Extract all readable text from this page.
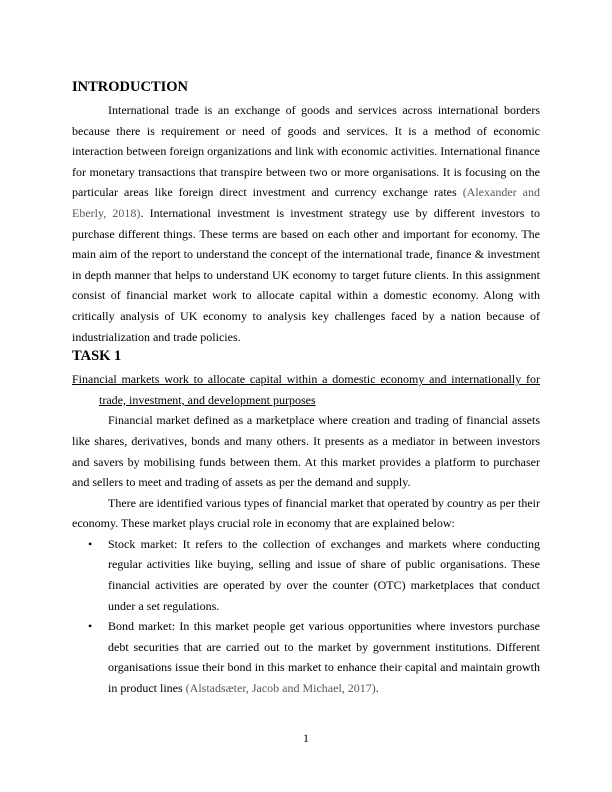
INTRODUCTION

International trade is an exchange of goods and services across international borders because there is requirement or need of goods and services. It is a method of economic interaction between foreign organizations and link with economic activities. International finance for monetary transactions that transpire between two or more organisations. It is focusing on the particular areas like foreign direct investment and currency exchange rates (Alexander and Eberly, 2018). International investment is investment strategy use by different investors to purchase different things. These terms are based on each other and important for economy. The main aim of the report to understand the concept of the international trade, finance & investment in depth manner that helps to understand UK economy to target future clients. In this assignment consist of financial market work to allocate capital within a domestic economy. Along with critically analysis of UK economy to analysis key challenges faced by a nation because of industrialization and trade policies.

TASK 1

Financial markets work to allocate capital within a domestic economy and internationally for trade, investment, and development purposes

Financial market defined as a marketplace where creation and trading of financial assets like shares, derivatives, bonds and many others. It presents as a mediator in between investors and savers by mobilising funds between them. At this market provides a platform to purchaser and sellers to meet and trading of assets as per the demand and supply.

There are identified various types of financial market that operated by country as per their economy. These market plays crucial role in economy that are explained below:

• Stock market: It refers to the collection of exchanges and markets where conducting regular activities like buying, selling and issue of share of public organisations. These financial activities are operated by over the counter (OTC) marketplaces that conduct under a set regulations.
• Bond market: In this market people get various opportunities where investors purchase debt securities that are carried out to the market by government institutions. Different organisations issue their bond in this market to enhance their capital and maintain growth in product lines (Alstadsæter, Jacob and Michael, 2017).
1
